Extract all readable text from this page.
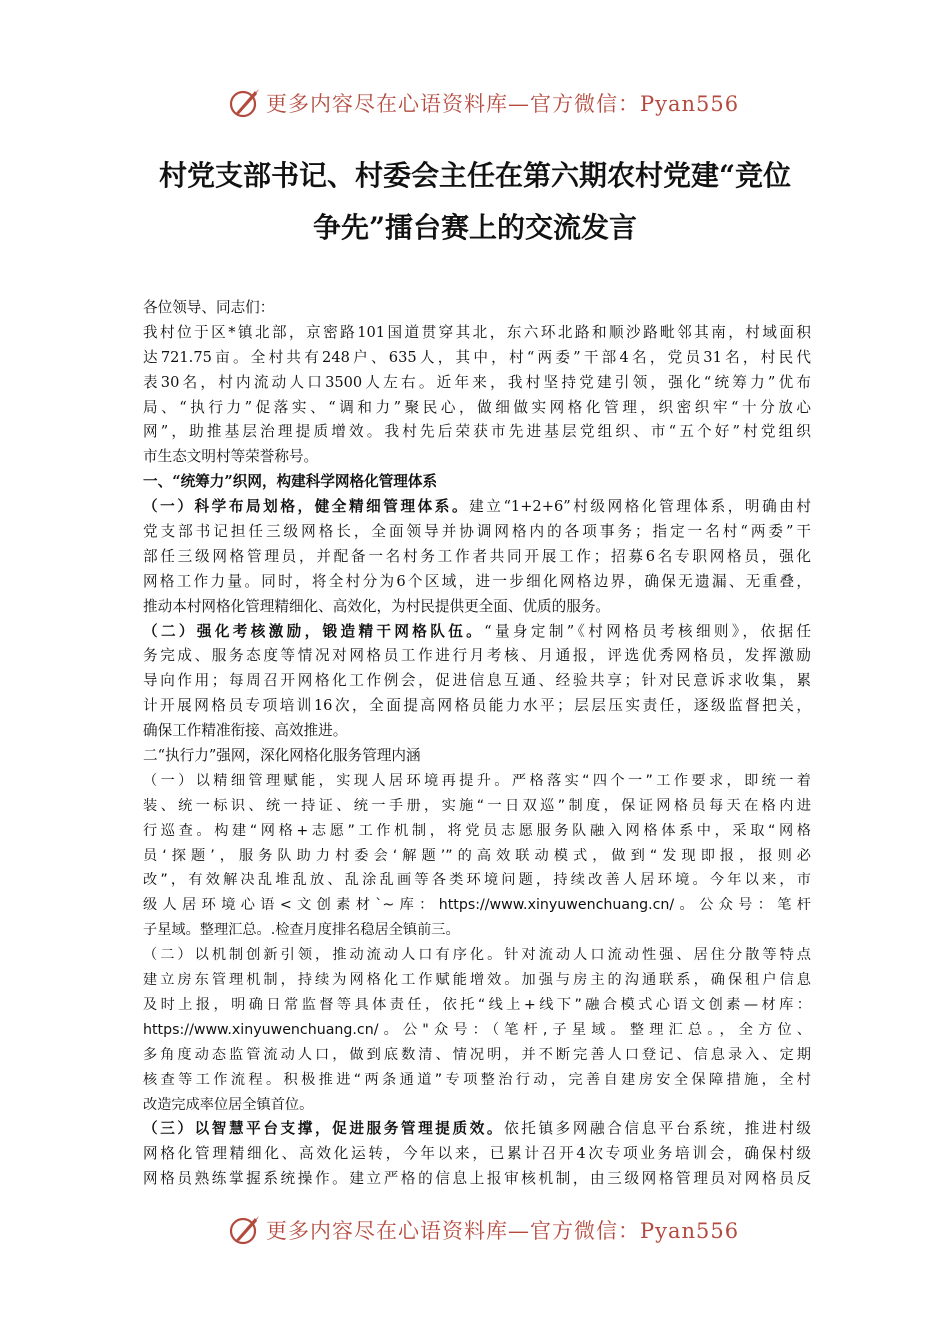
更多内容尽在心语资料库—官方微信：Pyan556
村党支部书记、村委会主任在第六期农村党建“竞位
争先”擂台赛上的交流发言
各位领导、同志们：
我村位于区*镇北部，京密路101国道贯穿其北，东六环北路和顺沙路毗邻其南，村域面积
达721.75亩。全村共有248户、635人，其中，村“两委”干部4名，党员31名，村民代
表30名，村内流动人口3500人左右。近年来，我村坚持党建引领，强化“统筹力”优布
局、“执行力”促落实、“调和力”聚民心，做细做实网格化管理，织密织牢“十分放心
网”，助推基层治理提质增效。我村先后荣获市先进基层党组织、市“五个好”村党组织
市生态文明村等荣誉称号。
一、“统筹力”织网，构建科学网格化管理体系
（一）科学布局划格，健全精细管理体系。建立“1+2+6”村级网格化管理体系，明确由村
党支部书记担任三级网格长，全面领导并协调网格内的各项事务；指定一名村“两委”干
部任三级网格管理员，并配备一名村务工作者共同开展工作；招募6名专职网格员，强化
网格工作力量。同时，将全村分为6个区域，进一步细化网格边界，确保无遗漏、无重叠，
推动本村网格化管理精细化、高效化，为村民提供更全面、优质的服务。
（二）强化考核激励，锻造精干网格队伍。“量身定制”《村网格员考核细则》，依据任
务完成、服务态度等情况对网格员工作进行月考核、月通报，评选优秀网格员，发挥激励
导向作用；每周召开网格化工作例会，促进信息互通、经验共享；针对民意诉求收集，累
计开展网格员专项培训16次，全面提高网格员能力水平；层层压实责任，逐级监督把关，
确保工作精准衔接、高效推进。
二“执行力”强网，深化网格化服务管理内涵
（一）以精细管理赋能，实现人居环境再提升。严格落实“四个一”工作要求，即统一着
装、统一标识、统一持证、统一手册，实施“一日双巡”制度，保证网格员每天在格内进
行巡查。构建“网格+志愿”工作机制，将党员志愿服务队融入网格体系中，采取“网格
员‘探题’，服务队助力村委会‘解题’”的高效联动模式，做到“发现即报，报则必
改”，有效解决乱堆乱放、乱涂乱画等各类环境问题，持续改善人居环境。今年以来，市
级人居环境心语<文创素材`~库：https://www.xinyuwenchuang.cn/。公众号：笔杆
子星域。整理汇总。.检查月度排名稳居全镇前三。
（二）以机制创新引领，推动流动人口有序化。针对流动人口流动性强、居住分散等特点
建立房东管理机制，持续为网格化工作赋能增效。加强与房主的沟通联系，确保租户信息
及时上报，明确日常监督等具体责任，依托“线上+线下”融合模式心语文创素—材库：
https://www.xinyuwenchuang.cn/。公"众号：（笔杆,子星域。整理汇总。，全方位、
多角度动态监管流动人口，做到底数清、情况明，并不断完善人口登记、信息录入、定期
核查等工作流程。积极推进“两条通道”专项整治行动，完善自建房安全保障措施，全村
改造完成率位居全镇首位。
（三）以智慧平台支撑，促进服务管理提质效。依托镇多网融合信息平台系统，推进村级
网格化管理精细化、高效化运转，今年以来，已累计召开4次专项业务培训会，确保村级
网格员熟练掌握系统操作。建立严格的信息上报审核机制，由三级网格管理员对网格员反
更多内容尽在心语资料库—官方微信：Pyan556
